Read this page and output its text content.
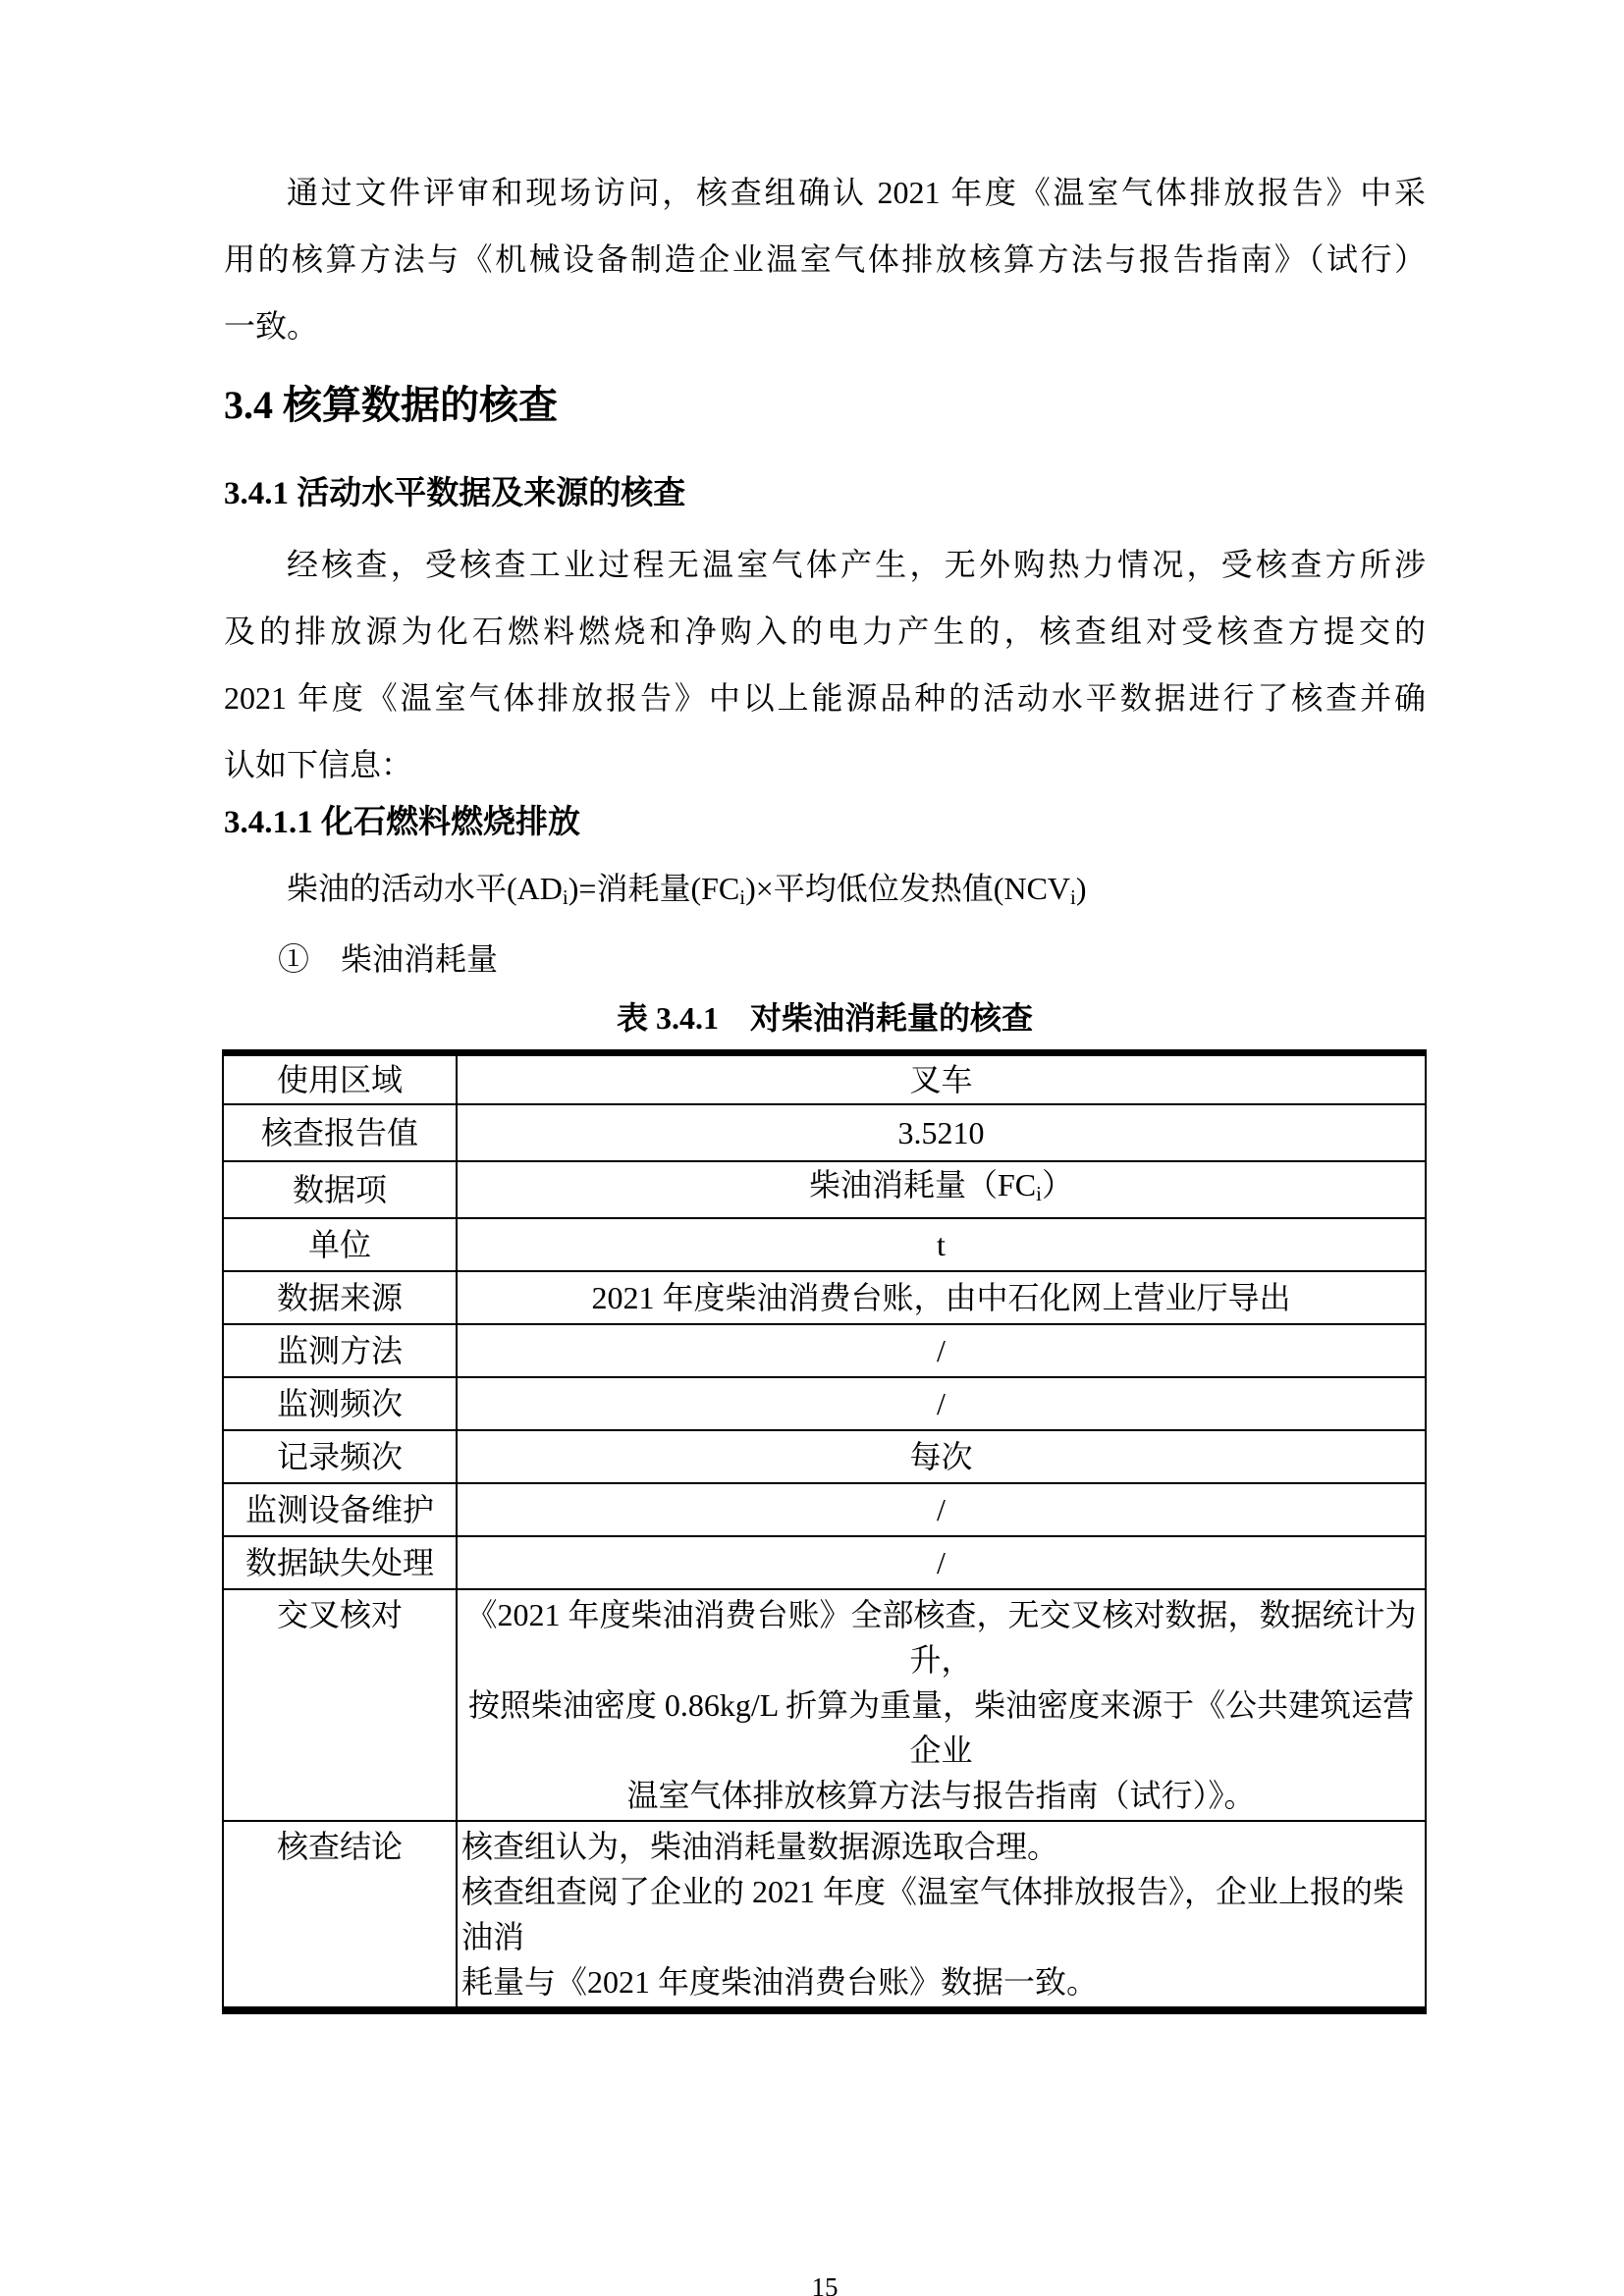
通过文件评审和现场访问，核查组确认 2021 年度《温室气体排放报告》中采
用的核算方法与《机械设备制造企业温室气体排放核算方法与报告指南》（试行）
一致。
3.4 核算数据的核查
3.4.1 活动水平数据及来源的核查
经核查，受核查工业过程无温室气体产生，无外购热力情况，受核查方所涉
及的排放源为化石燃料燃烧和净购入的电力产生的，核查组对受核查方提交的
2021 年度《温室气体排放报告》中以上能源品种的活动水平数据进行了核查并确
认如下信息：
3.4.1.1 化石燃料燃烧排放
柴油的活动水平$(AD_i)=$消耗量$(FC_i)\times$平均低位发热值$(NCV_i)$
①　柴油消耗量
表 3.4.1　对柴油消耗量的核查
使用区域	叉车
核查报告值	3.5210
数据项	柴油消耗量$(FC_i)$
单位	t
数据来源	2021 年度柴油消费台账，由中石化网上营业厅导出
监测方法	/
监测频次	/
记录频次	每次
监测设备维护	/
数据缺失处理	/
交叉核对	《2021 年度柴油消费台账》全部核查，无交叉核对数据，数据统计为升，
按照柴油密度 0.86kg/L 折算为重量，柴油密度来源于《公共建筑运营企业
温室气体排放核算方法与报告指南（试行）》。

核查结论	核查组认为，柴油消耗量数据源选取合理。
核查组查阅了企业的 2021 年度《温室气体排放报告》，企业上报的柴油消
耗量与《2021 年度柴油消费台账》数据一致。
15
